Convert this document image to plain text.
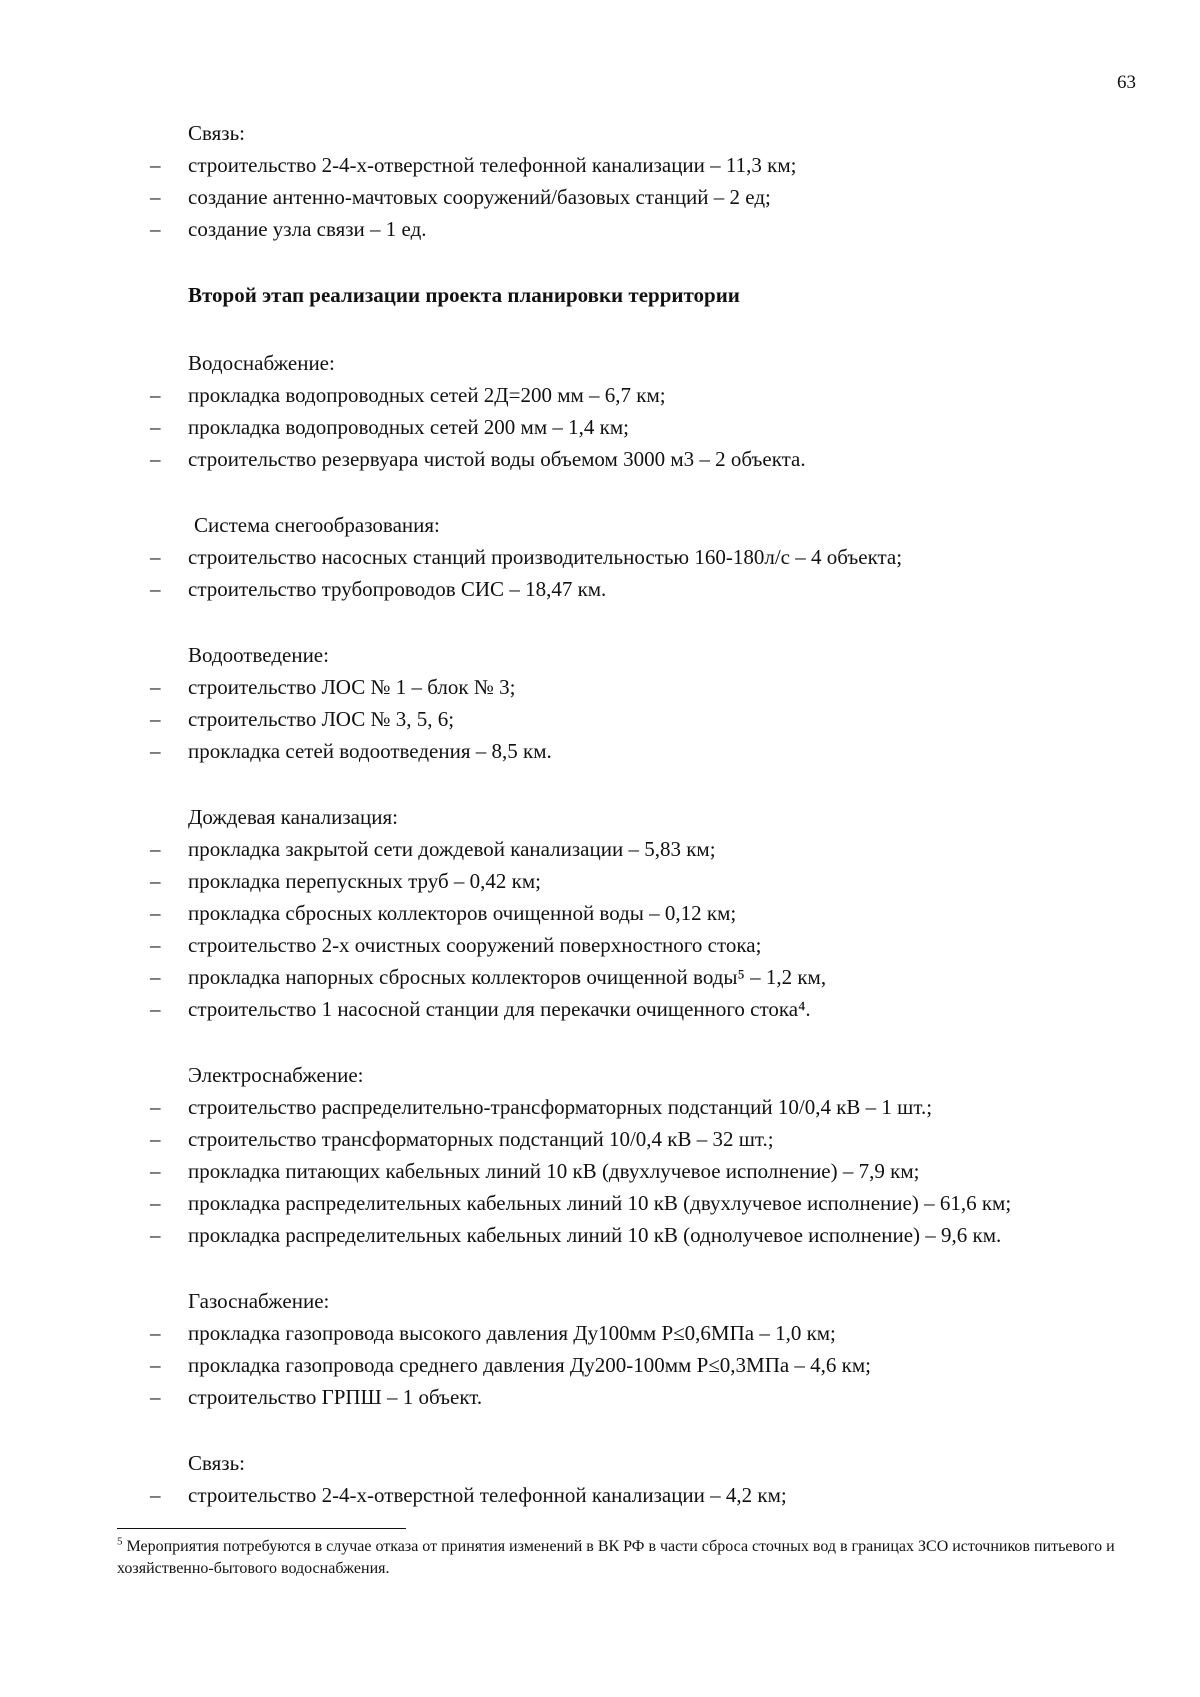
63
Связь:
– строительство 2-4-х-отверстной телефонной канализации – 11,3 км;
– создание антенно-мачтовых сооружений/базовых станций – 2 ед;
– создание узла связи – 1 ед.
Второй этап реализации проекта планировки территории
Водоснабжение:
– прокладка водопроводных сетей 2Д=200 мм – 6,7 км;
– прокладка водопроводных сетей 200 мм – 1,4 км;
– строительство резервуара чистой воды объемом 3000 м3 – 2 объекта.
Система снегообразования:
– строительство насосных станций производительностью 160-180л/с – 4 объекта;
– строительство трубопроводов СИС – 18,47 км.
Водоотведение:
– строительство ЛОС № 1 – блок № 3;
– строительство ЛОС № 3, 5, 6;
– прокладка сетей водоотведения – 8,5 км.
Дождевая канализация:
– прокладка закрытой сети дождевой канализации – 5,83 км;
– прокладка перепускных труб – 0,42 км;
– прокладка сбросных коллекторов очищенной воды – 0,12 км;
– строительство 2-х очистных сооружений поверхностного стока;
– прокладка напорных сбросных коллекторов очищенной воды⁵ – 1,2 км,
– строительство 1 насосной станции для перекачки очищенного стока⁴.
Электроснабжение:
– строительство распределительно-трансформаторных подстанций 10/0,4 кВ – 1 шт.;
– строительство трансформаторных подстанций 10/0,4 кВ – 32 шт.;
– прокладка питающих кабельных линий 10 кВ (двухлучевое исполнение) – 7,9 км;
– прокладка распределительных кабельных линий 10 кВ (двухлучевое исполнение) – 61,6 км;
– прокладка распределительных кабельных линий 10 кВ (однолучевое исполнение) – 9,6 км.
Газоснабжение:
– прокладка газопровода высокого давления Ду100мм Р≤0,6МПа – 1,0 км;
– прокладка газопровода среднего давления Ду200-100мм Р≤0,3МПа – 4,6 км;
– строительство ГРПШ – 1 объект.
Связь:
– строительство 2-4-х-отверстной телефонной канализации – 4,2 км;
$^5$ Мероприятия потребуются в случае отказа от принятия изменений в ВК РФ в части сброса сточных вод в границах ЗСО источников питьевого и хозяйственно-бытового водоснабжения.
